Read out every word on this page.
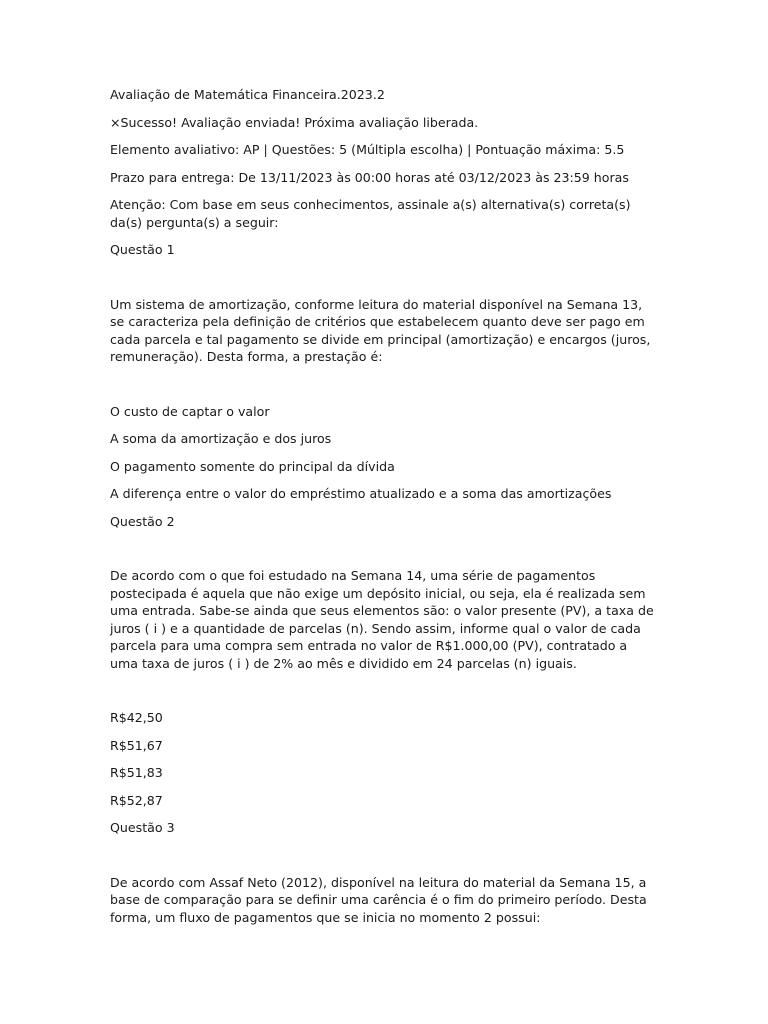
Avaliação de Matemática Financeira.2023.2

×Sucesso! Avaliação enviada! Próxima avaliação liberada.

Elemento avaliativo: AP | Questões: 5 (Múltipla escolha) | Pontuação máxima: 5.5

Prazo para entrega: De 13/11/2023 às 00:00 horas até 03/12/2023 às 23:59 horas

Atenção: Com base em seus conhecimentos, assinale a(s) alternativa(s) correta(s) da(s) pergunta(s) a seguir:

Questão 1

Um sistema de amortização, conforme leitura do material disponível na Semana 13, se caracteriza pela definição de critérios que estabelecem quanto deve ser pago em cada parcela e tal pagamento se divide em principal (amortização) e encargos (juros, remuneração). Desta forma, a prestação é:

O custo de captar o valor

A soma da amortização e dos juros

O pagamento somente do principal da dívida

A diferença entre o valor do empréstimo atualizado e a soma das amortizações

Questão 2

De acordo com o que foi estudado na Semana 14, uma série de pagamentos postecipada é aquela que não exige um depósito inicial, ou seja, ela é realizada sem uma entrada. Sabe-se ainda que seus elementos são: o valor presente (PV), a taxa de juros ( i ) e a quantidade de parcelas (n). Sendo assim, informe qual o valor de cada parcela para uma compra sem entrada no valor de R$1.000,00 (PV), contratado a uma taxa de juros ( i ) de 2% ao mês e dividido em 24 parcelas (n) iguais.

R$42,50

R$51,67

R$51,83

R$52,87

Questão 3

De acordo com Assaf Neto (2012), disponível na leitura do material da Semana 15, a base de comparação para se definir uma carência é o fim do primeiro período. Desta forma, um fluxo de pagamentos que se inicia no momento 2 possui:
